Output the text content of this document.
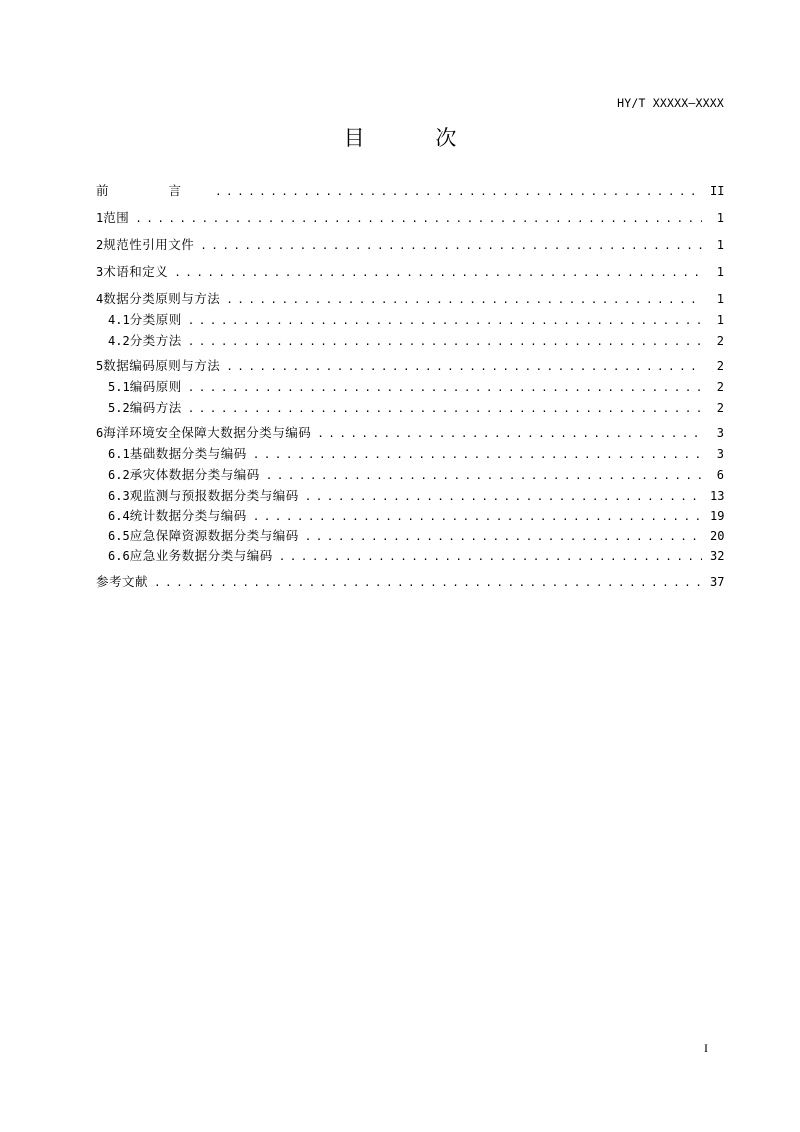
HY/T XXXXX—XXXX
目 次
前 言 . . .	II
1 范围 . . .	1
2 规范性引用文件 . . .	1
3 术语和定义 . . .	1
4 数据分类原则与方法 . . .	1
4.1 分类原则 . . .	1
4.2 分类方法 . . .	2
5 数据编码原则与方法 . . .	2
5.1 编码原则 . . .	2
5.2 编码方法 . . .	2
6 海洋环境安全保障大数据分类与编码 . . .	3
6.1 基础数据分类与编码 . . .	3
6.2 承灾体数据分类与编码 . . .	6
6.3 观监测与预报数据分类与编码 . . .	13
6.4 统计数据分类与编码 . . .	19
6.5 应急保障资源数据分类与编码 . . .	20
6.6 应急业务数据分类与编码 . . .	32
参考文献 . . .	37
I
